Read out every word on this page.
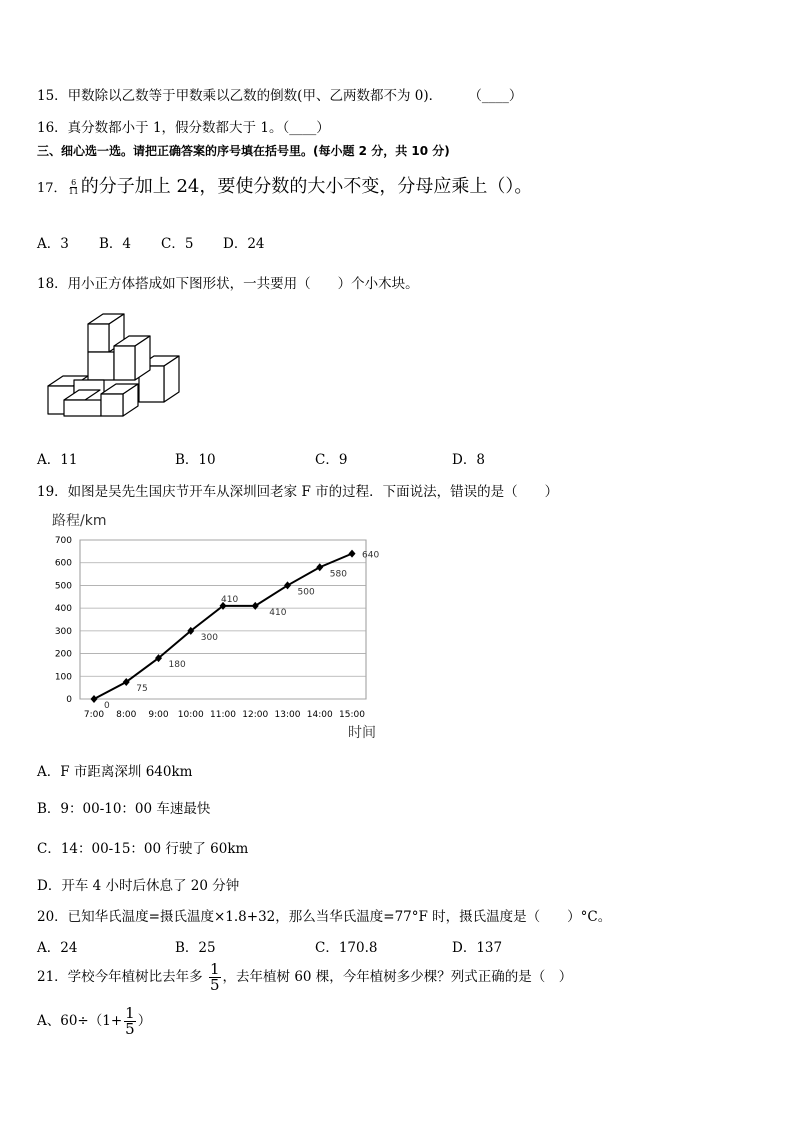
15．甲数除以乙数等于甲数乘以乙数的倒数(甲、乙两数都不为 0)． （____）
16．真分数都小于 1，假分数都大于 1。（____）
三、细心选一选。请把正确答案的序号填在括号里。(每小题 2 分，共 10 分)
17． $\frac{6}{11}$ 的分子加上 24，要使分数的大小不变，分母应乘上（）。
A．3 B．4 C．5 D．24
18．用小正方体搭成如下图形状，一共要用（　　）个小木块。
A．11	B．10	C．9	D．8
19．如图是吴先生国庆节开车从深圳回老家 F 市的过程．下面说法，错误的是（　　）
路程/km
时间
0
100
200
300
400
500
600
700
7:00 8:00 9:00 10:00 11:00 12:00 13:00 14:00 15:00
0
75
180
300
410
410
500
580
640
A．F 市距离深圳 640km
B．9：00-10：00 车速最快
C．14：00-15：00 行驶了 60km
D．开车 4 小时后休息了 20 分钟
20．已知华氏温度=摄氏温度×1.8+32，那么当华氏温度=77°F 时，摄氏温度是（　　）°C。
A．24	B．25	C．170.8	D．137
21．学校今年植树比去年多 $\frac{1}{5}$ ，去年植树 60 棵，今年植树多少棵？列式正确的是（　）
A、$60\div(1+ \frac{1}{5}$ ）
